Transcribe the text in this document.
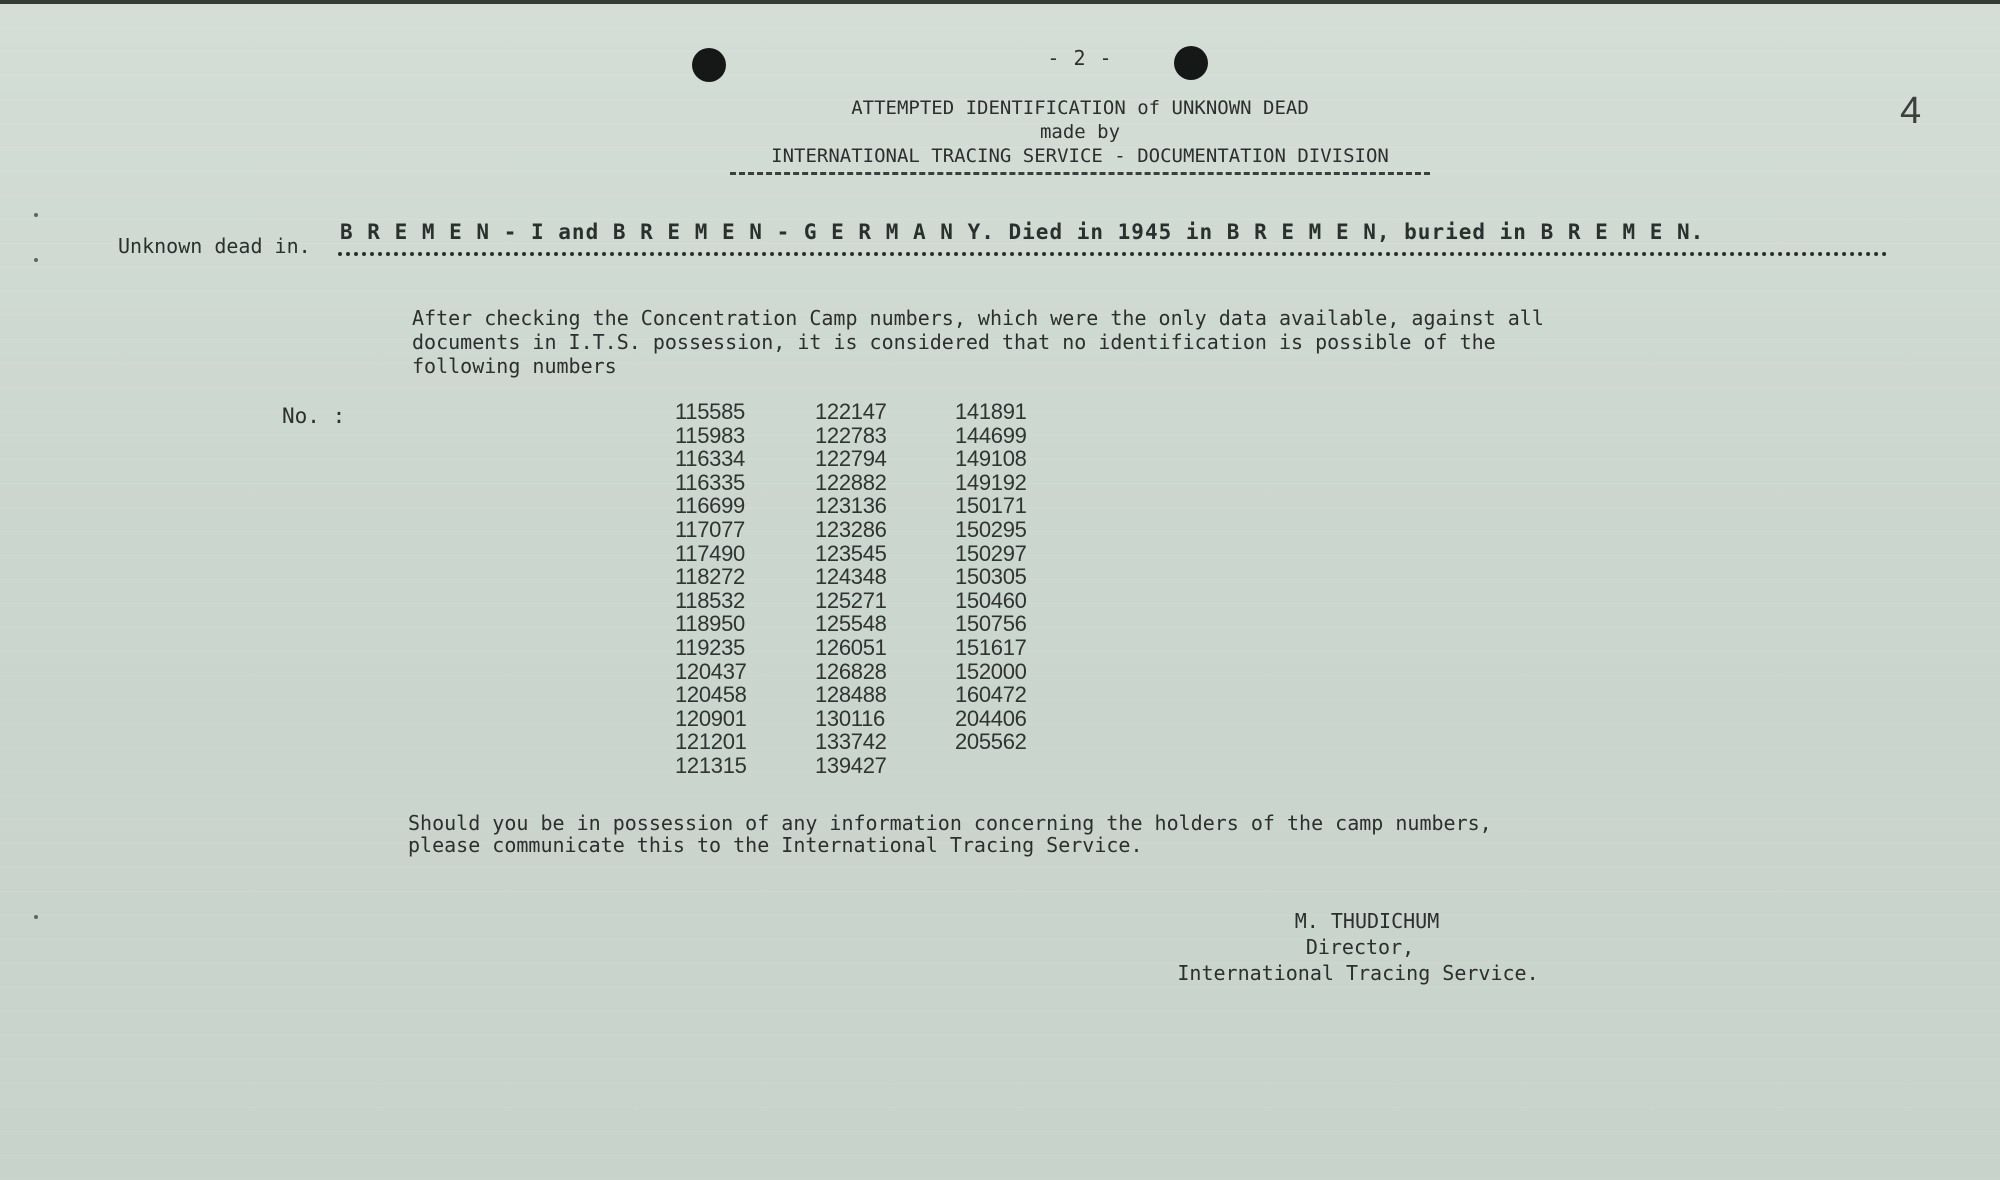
- 2 -
4
ATTEMPTED IDENTIFICATION of UNKNOWN DEAD
made by
INTERNATIONAL TRACING SERVICE - DOCUMENTATION DIVISION
Unknown dead in.
B R E M E N - I and B R E M E N - G E R M A N Y. Died in 1945 in B R E M E N, buried in B R E M E N.
After checking the Concentration Camp numbers, which were the only data available, against all
documents in I.T.S. possession, it is considered that no identification is possible of the
following numbers
No. :	115585
115983
116334
116335
116699
117077
117490
118272
118532
118950
119235
120437
120458
120901
121201
121315
122147
122783
122794
122882
123136
123286
123545
124348
125271
125548
126051
126828
128488
130116
133742
139427
141891
144699
149108
149192
150171
150295
150297
150305
150460
150756
151617
152000
160472
204406
205562
Should you be in possession of any information concerning the holders of the camp numbers,
please communicate this to the International Tracing Service.
M. THUDICHUM
Director,
International Tracing Service.
